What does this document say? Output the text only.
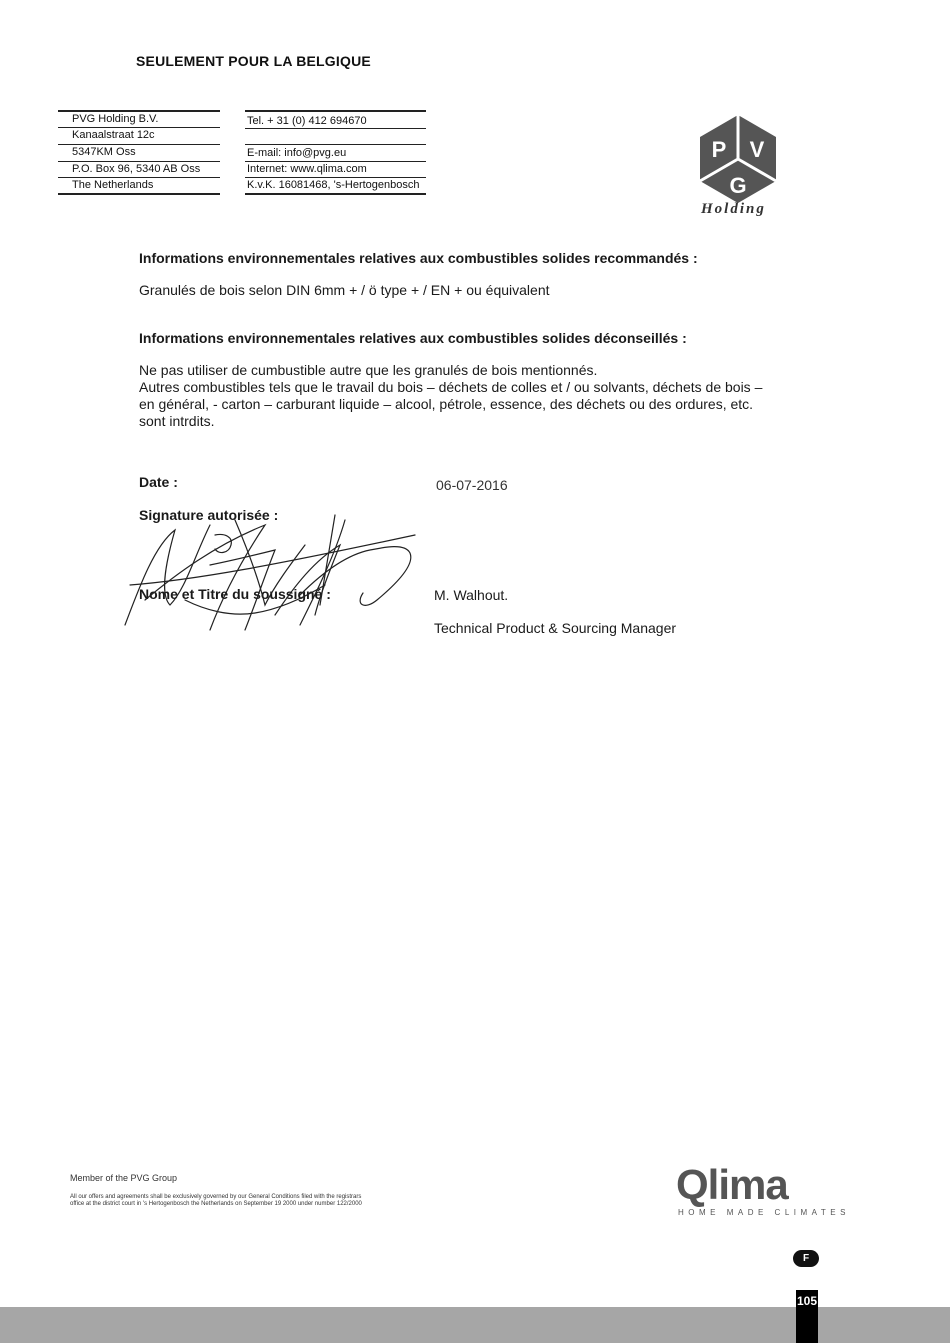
SEULEMENT POUR LA BELGIQUE
PVG Holding B.V.
Kanaalstraat 12c
5347KM Oss
P.O. Box 96, 5340 AB Oss
The Netherlands
Tel. + 31 (0) 412 694670
E-mail: info@pvg.eu
Internet: www.qlima.com
K.v.K. 16081468, 's-Hertogenbosch
P V
G
Holding
Informations environnementales relatives aux combustibles solides recommandés :
Granulés de bois selon DIN 6mm + / ö type + / EN + ou équivalent
Informations environnementales relatives aux combustibles solides déconseillés :
Ne pas utiliser de cumbustible autre que les granulés de bois mentionnés.
Autres combustibles tels que le travail du bois – déchets de colles et / ou solvants, déchets de bois –
en général, - carton – carburant liquide – alcool, pétrole, essence, des déchets ou des ordures, etc.
sont intrdits.
Date :	06-07-2016
Signature autorisée :
Nome et Titre du soussigné :	M. Walhout.
Technical Product & Sourcing Manager
Member of the PVG Group
All our offers and agreements shall be exclusively governed by our General Conditions filed with the registrars
office at the district court in 's Hertogenbosch the Netherlands on September 19 2000 under number 122/2000	Qlima
HOME MADE CLIMATES
F
105
